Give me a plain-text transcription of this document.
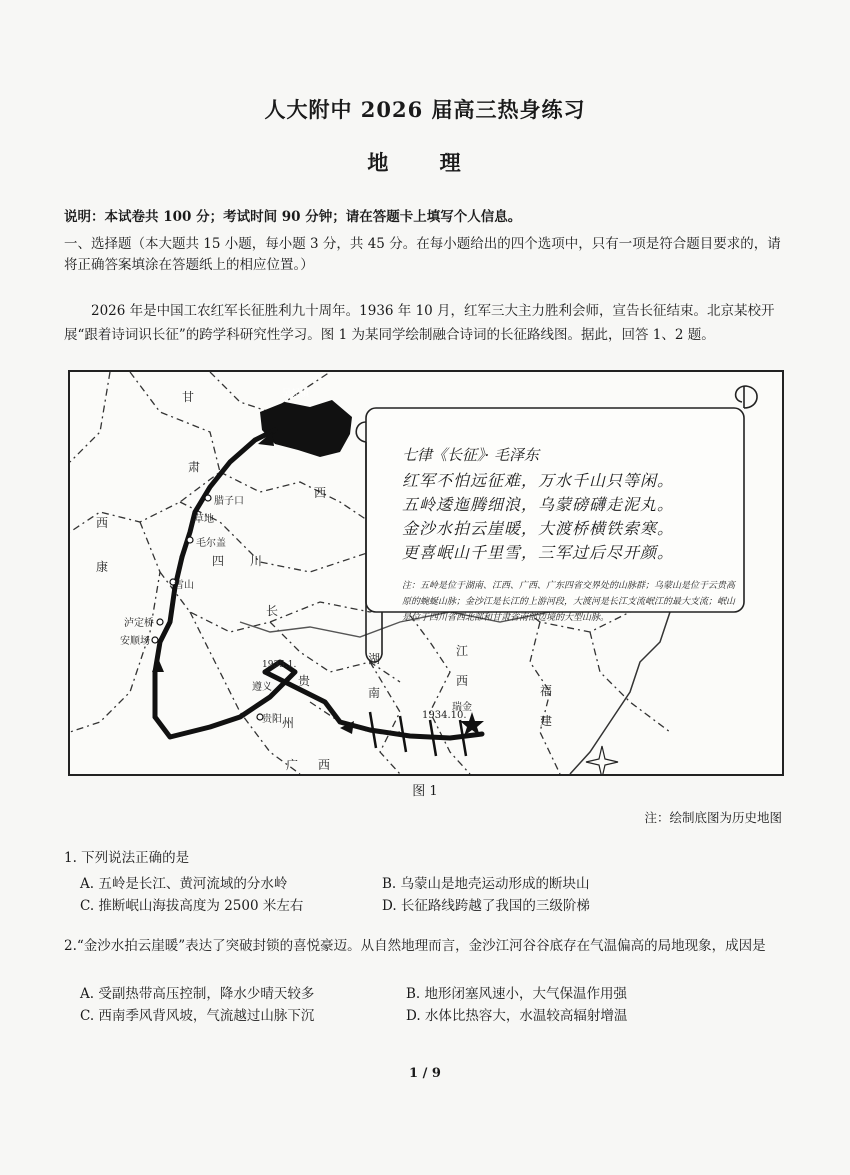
人大附中 2026 届高三热身练习
地 理
说明：本试卷共 100 分；考试时间 90 分钟；请在答题卡上填写个人信息。
一、选择题（本大题共 15 小题，每小题 3 分，共 45 分。在每小题给出的四个选项中，只有一项是符合题目要求的，请将正确答案填涂在答题纸上的相应位置。）
2026 年是中国工农红军长征胜利九十周年。1936 年 10 月，红军三大主力胜利会师，宣告长征结束。北京某校开展“跟着诗词识长征”的跨学科研究性学习。图 1 为某同学绘制融合诗词的长征路线图。据此，回答 1、2 题。
甘
肃
西
康	四 川
西
长
湖
南
江
西
福
建
贵
州
广 西
吴起镇
腊子口
草地
毛尔盖
雪山
泸定桥
安顺场
遵义
贵阳
瑞金
1934.10.
1935.1.
七律《长征》· 毛泽东
红军不怕远征难，万水千山只等闲。
五岭逶迤腾细浪，乌蒙磅礴走泥丸。
金沙水拍云崖暖，大渡桥横铁索寒。
更喜岷山千里雪，三军过后尽开颜。
注：五岭是位于湖南、江西、广西、广东四省交界处的山脉群；乌蒙山是位于云贵高原的蜿蜒山脉；金沙江是长江的上游河段，大渡河是长江支流岷江的最大支流；岷山是位于四川省西北部和甘肃省南部边境的大型山脉。
图 1
注：绘制底图为历史地图
1. 下列说法正确的是
A. 五岭是长江、黄河流域的分水岭	B. 乌蒙山是地壳运动形成的断块山
C. 推断岷山海拔高度为 2500 米左右	D. 长征路线跨越了我国的三级阶梯
2.“金沙水拍云崖暖”表达了突破封锁的喜悦豪迈。从自然地理而言，金沙江河谷谷底存在气温偏高的局地现象，成因是
A. 受副热带高压控制，降水少晴天较多	B. 地形闭塞风速小，大气保温作用强
C. 西南季风背风坡，气流越过山脉下沉	D. 水体比热容大，水温较高辐射增温
1 / 9
